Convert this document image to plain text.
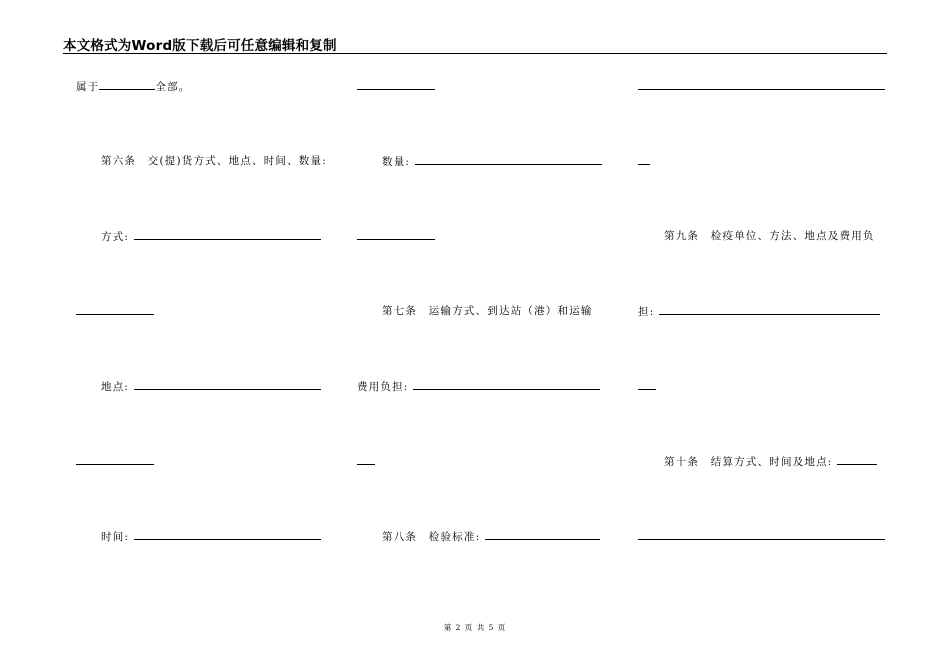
本文格式为Word版下载后可任意编辑和复制
属于	全部。
第六条　交(提)货方式、地点、时间、数量:
方式:
地点:
时间:
数量:
第七条　运输方式、到达站（港）和运输
费用负担:
第八条　检验标准:
第九条　检疫单位、方法、地点及费用负
担:
第十条　结算方式、时间及地点:
第 2 页 共 5 页
